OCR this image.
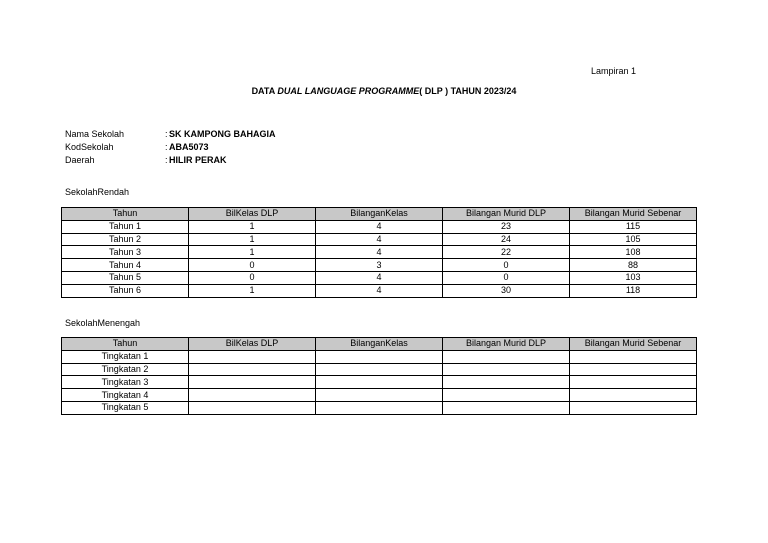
Lampiran 1
DATA DUAL LANGUAGE PROGRAMME( DLP ) TAHUN 2023/24
Nama Sekolah	:SK KAMPONG BAHAGIA
KodSekolah	:ABA5073
Daerah	:HILIR PERAK
SekolahRendah
Tahun	BilKelas DLP	BilanganKelas	Bilangan Murid DLP	Bilangan Murid Sebenar
Tahun 1	1	4	23	115
Tahun 2	1	4	24	105
Tahun 3	1	4	22	108
Tahun 4	0	3	0	88
Tahun 5	0	4	0	103
Tahun 6	1	4	30	118
SekolahMenengah
Tahun	BilKelas DLP	BilanganKelas	Bilangan Murid DLP	Bilangan Murid Sebenar
Tingkatan 1				
Tingkatan 2				
Tingkatan 3				
Tingkatan 4				
Tingkatan 5				
